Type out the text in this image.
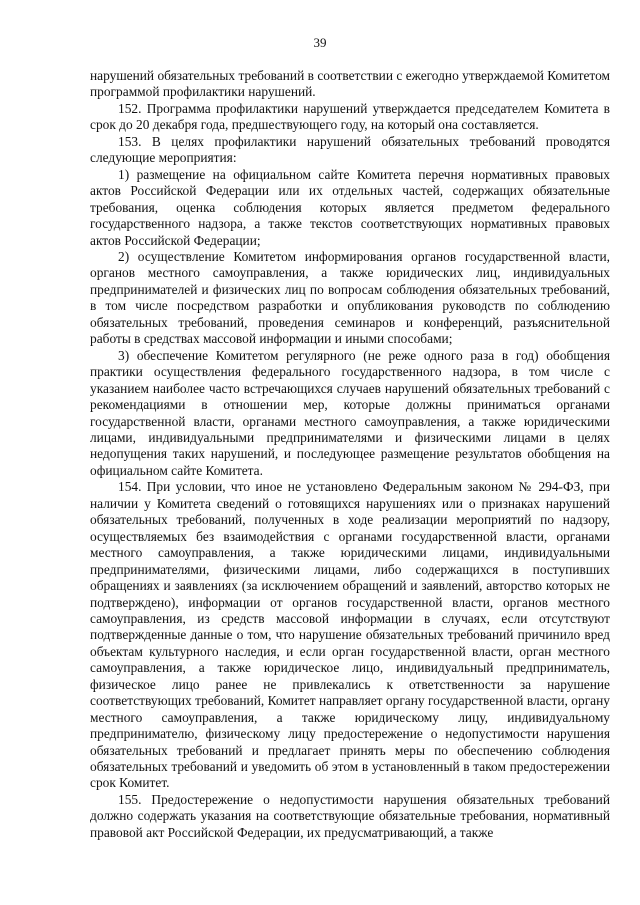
39

нарушений обязательных требований в соответствии с ежегодно утверждаемой Комитетом программой профилактики нарушений.

152. Программа профилактики нарушений утверждается председателем Комитета в срок до 20 декабря года, предшествующего году, на который она составляется.

153. В целях профилактики нарушений обязательных требований проводятся следующие мероприятия:

1) размещение на официальном сайте Комитета перечня нормативных правовых актов Российской Федерации или их отдельных частей, содержащих обязательные требования, оценка соблюдения которых является предметом федерального государственного надзора, а также текстов соответствующих нормативных правовых актов Российской Федерации;

2) осуществление Комитетом информирования органов государственной власти, органов местного самоуправления, а также юридических лиц, индивидуальных предпринимателей и физических лиц по вопросам соблюдения обязательных требований, в том числе посредством разработки и опубликования руководств по соблюдению обязательных требований, проведения семинаров и конференций, разъяснительной работы в средствах массовой информации и иными способами;

3) обеспечение Комитетом регулярного (не реже одного раза в год) обобщения практики осуществления федерального государственного надзора, в том числе с указанием наиболее часто встречающихся случаев нарушений обязательных требований с рекомендациями в отношении мер, которые должны приниматься органами государственной власти, органами местного самоуправления, а также юридическими лицами, индивидуальными предпринимателями и физическими лицами в целях недопущения таких нарушений, и последующее размещение результатов обобщения на официальном сайте Комитета.

154. При условии, что иное не установлено Федеральным законом № 294-ФЗ, при наличии у Комитета сведений о готовящихся нарушениях или о признаках нарушений обязательных требований, полученных в ходе реализации мероприятий по надзору, осуществляемых без взаимодействия с органами государственной власти, органами местного самоуправления, а также юридическими лицами, индивидуальными предпринимателями, физическими лицами, либо содержащихся в поступивших обращениях и заявлениях (за исключением обращений и заявлений, авторство которых не подтверждено), информации от органов государственной власти, органов местного самоуправления, из средств массовой информации в случаях, если отсутствуют подтвержденные данные о том, что нарушение обязательных требований причинило вред объектам культурного наследия, и если орган государственной власти, орган местного самоуправления, а также юридическое лицо, индивидуальный предприниматель, физическое лицо ранее не привлекались к ответственности за нарушение соответствующих требований, Комитет направляет органу государственной власти, органу местного самоуправления, а также юридическому лицу, индивидуальному предпринимателю, физическому лицу предостережение о недопустимости нарушения обязательных требований и предлагает принять меры по обеспечению соблюдения обязательных требований и уведомить об этом в установленный в таком предостережении срок Комитет.

155. Предостережение о недопустимости нарушения обязательных требований должно содержать указания на соответствующие обязательные требования, нормативный правовой акт Российской Федерации, их предусматривающий, а также
